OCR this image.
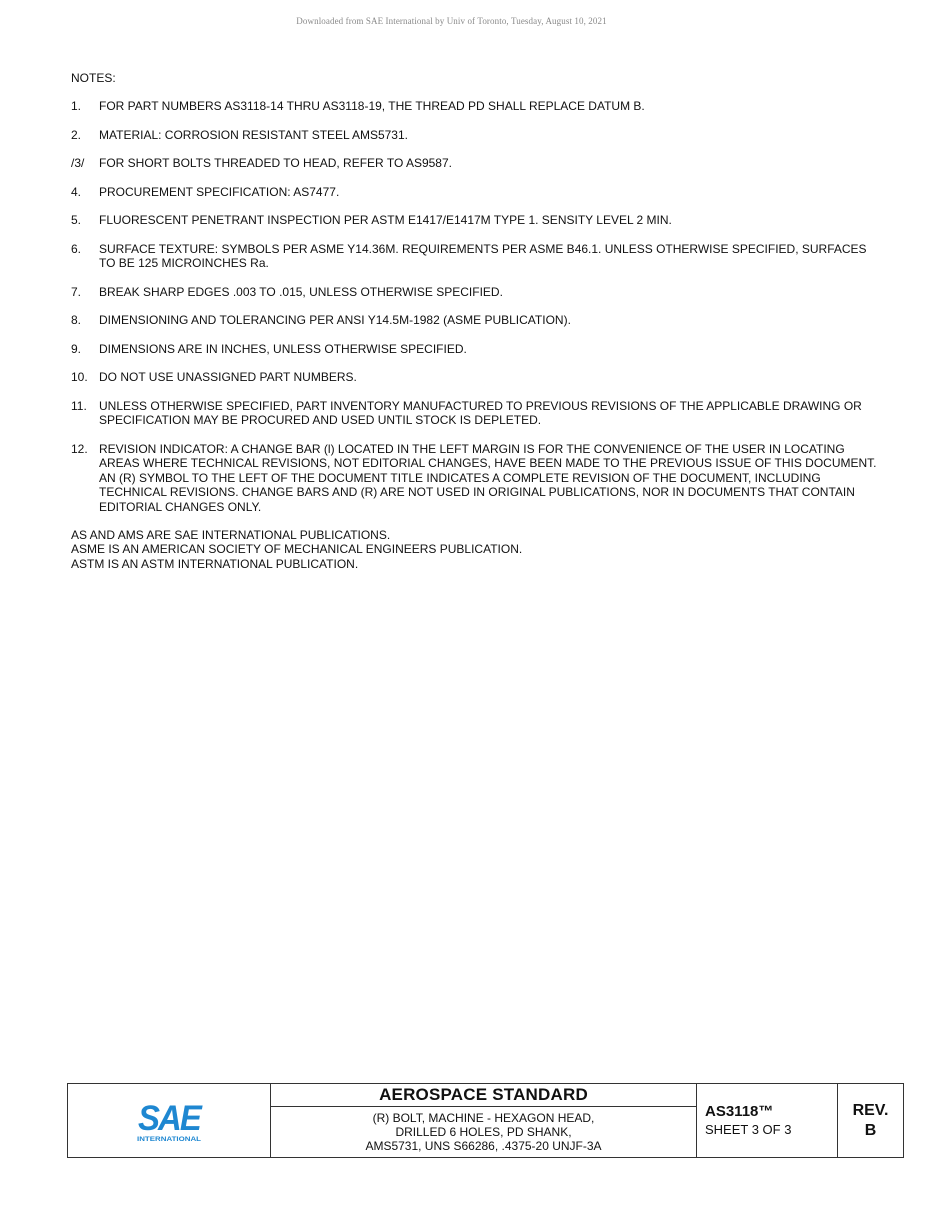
Downloaded from SAE International by Univ of Toronto, Tuesday, August 10, 2021
NOTES:
1.	FOR PART NUMBERS AS3118-14 THRU AS3118-19, THE THREAD PD SHALL REPLACE DATUM B.
2.	MATERIAL: CORROSION RESISTANT STEEL AMS5731.
/3/	FOR SHORT BOLTS THREADED TO HEAD, REFER TO AS9587.
4.	PROCUREMENT SPECIFICATION: AS7477.
5.	FLUORESCENT PENETRANT INSPECTION PER ASTM E1417/E1417M TYPE 1. SENSITY LEVEL 2 MIN.
6.	SURFACE TEXTURE: SYMBOLS PER ASME Y14.36M. REQUIREMENTS PER ASME B46.1. UNLESS OTHERWISE SPECIFIED, SURFACES TO BE 125 MICROINCHES Ra.
7.	BREAK SHARP EDGES .003 TO .015, UNLESS OTHERWISE SPECIFIED.
8.	DIMENSIONING AND TOLERANCING PER ANSI Y14.5M-1982 (ASME PUBLICATION).
9.	DIMENSIONS ARE IN INCHES, UNLESS OTHERWISE SPECIFIED.
10. DO NOT USE UNASSIGNED PART NUMBERS.
11.	UNLESS OTHERWISE SPECIFIED, PART INVENTORY MANUFACTURED TO PREVIOUS REVISIONS OF THE APPLICABLE DRAWING OR SPECIFICATION MAY BE PROCURED AND USED UNTIL STOCK IS DEPLETED.
12. REVISION INDICATOR: A CHANGE BAR (l) LOCATED IN THE LEFT MARGIN IS FOR THE CONVENIENCE OF THE USER IN LOCATING AREAS WHERE TECHNICAL REVISIONS, NOT EDITORIAL CHANGES, HAVE BEEN MADE TO THE PREVIOUS ISSUE OF THIS DOCUMENT. AN (R) SYMBOL TO THE LEFT OF THE DOCUMENT TITLE INDICATES A COMPLETE REVISION OF THE DOCUMENT, INCLUDING TECHNICAL REVISIONS. CHANGE BARS AND (R) ARE NOT USED IN ORIGINAL PUBLICATIONS, NOR IN DOCUMENTS THAT CONTAIN EDITORIAL CHANGES ONLY.
AS AND AMS ARE SAE INTERNATIONAL PUBLICATIONS.
ASME IS AN AMERICAN SOCIETY OF MECHANICAL ENGINEERS PUBLICATION.
ASTM IS AN ASTM INTERNATIONAL PUBLICATION.
SAE
INTERNATIONAL
AEROSPACE STANDARD
(R) BOLT, MACHINE - HEXAGON HEAD,
DRILLED 6 HOLES, PD SHANK,
AMS5731, UNS S66286, .4375-20 UNJF-3A
AS3118™
SHEET 3 OF 3
REV.
B
